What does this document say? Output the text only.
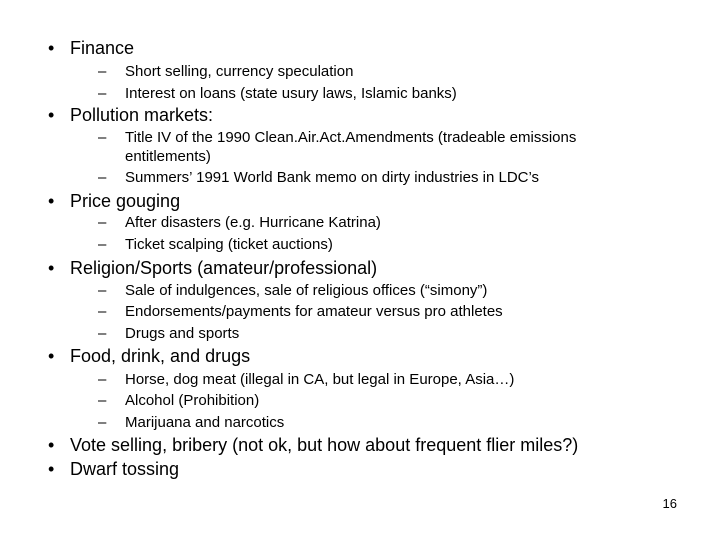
• Finance
– Short selling, currency speculation
– Interest on loans (state usury laws, Islamic banks)
• Pollution markets:
– Title IV of the 1990 Clean.Air.Act.Amendments (tradeable emissions
entitlements)
– Summers’ 1991 World Bank memo on dirty industries in LDC’s
• Price gouging
– After disasters (e.g. Hurricane Katrina)
– Ticket scalping (ticket auctions)
• Religion/Sports (amateur/professional)
– Sale of indulgences, sale of religious offices (“simony”)
– Endorsements/payments for amateur versus pro athletes
– Drugs and sports
• Food, drink, and drugs
– Horse, dog meat (illegal in CA, but legal in Europe, Asia…)
– Alcohol (Prohibition)
– Marijuana and narcotics
• Vote selling, bribery (not ok, but how about frequent flier miles?)
• Dwarf tossing
16
